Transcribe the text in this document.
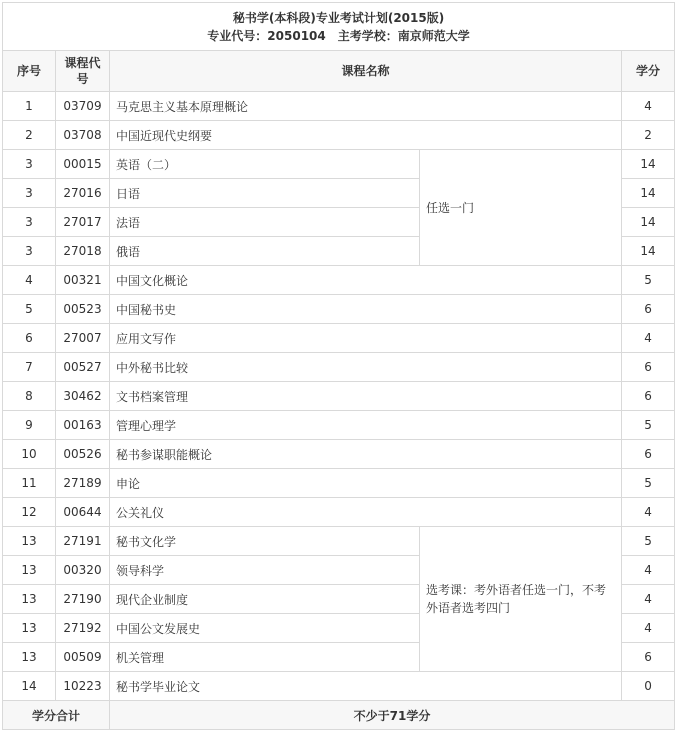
秘书学(本科段)专业考试计划(2015版)
专业代号：2050104　主考学校：南京师范大学				

序号	课程代号	课程名称		学分
1	03709	马克思主义基本原理概论		4
2	03708	中国近现代史纲要		2
3	00015	英语（二）	任选一门	14
3	27016	日语		14
3	27017	法语		14
3	27018	俄语		14
4	00321	中国文化概论		5
5	00523	中国秘书史		6
6	27007	应用文写作		4
7	00527	中外秘书比较		6
8	30462	文书档案管理		6
9	00163	管理心理学		5
10	00526	秘书参谋职能概论		6
11	27189	申论		5
12	00644	公关礼仪		4
13	27191	秘书文化学	选考课：考外语者任选一门，不考外语者选考四门	5
13	00320	领导科学		4
13	27190	现代企业制度		4
13	27192	中国公文发展史		4
13	00509	机关管理		6
14	10223	秘书学毕业论文		0
学分合计		不少于71学分		
